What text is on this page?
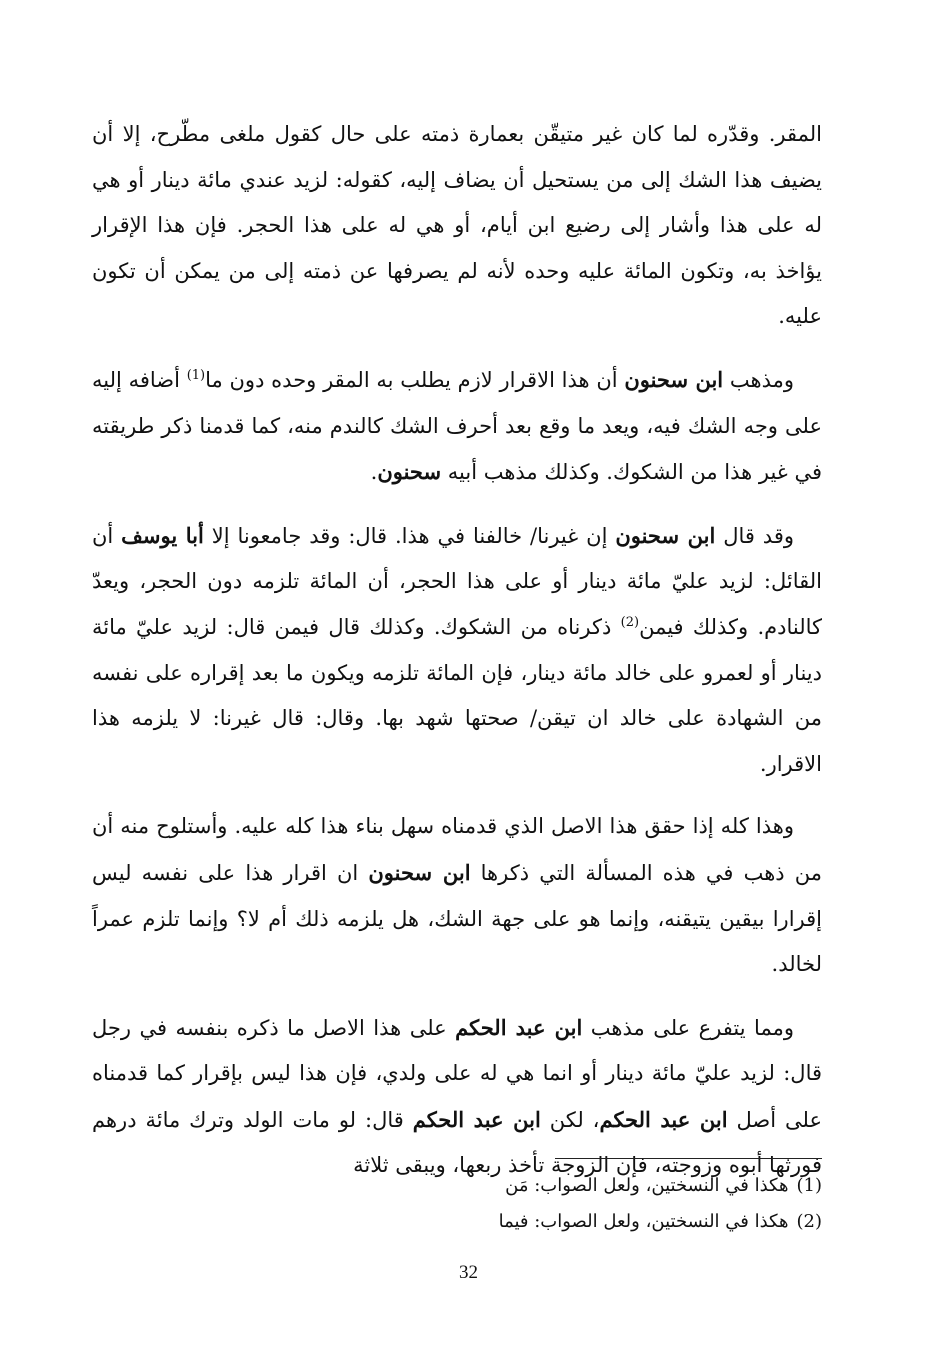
المقر. وقدّره لما كان غير متيقّن بعمارة ذمته على حال كقول ملغى مطّرح، إلا أن يضيف هذا الشك إلى من يستحيل أن يضاف إليه، كقوله: لزيد عندي مائة دينار أو هي له على هذا وأشار إلى رضيع ابن أيام، أو هي له على هذا الحجر. فإن هذا الإقرار يؤاخذ به، وتكون المائة عليه وحده لأنه لم يصرفها عن ذمته إلى من يمكن أن تكون عليه.

ومذهب ابن سحنون أن هذا الاقرار لازم يطلب به المقر وحده دون ما$^{(1)}$ أضافه إليه على وجه الشك فيه، ويعد ما وقع بعد أحرف الشك كالندم منه، كما قدمنا ذكر طريقته في غير هذا من الشكوك. وكذلك مذهب أبيه سحنون.

وقد قال ابن سحنون إن غيرنا/ خالفنا في هذا. قال: وقد جامعونا إلا أبا يوسف أن القائل: لزيد عليّ مائة دينار أو على هذا الحجر، أن المائة تلزمه دون الحجر، ويعدّ كالنادم. وكذلك فيمن$^{(2)}$ ذكرناه من الشكوك. وكذلك قال فيمن قال: لزيد عليّ مائة دينار أو لعمرو على خالد مائة دينار، فإن المائة تلزمه ويكون ما بعد إقراره على نفسه من الشهادة على خالد ان تيقن/ صحتها شهد بها. وقال: قال غيرنا: لا يلزمه هذا الاقرار.

وهذا كله إذا حقق هذا الاصل الذي قدمناه سهل بناء هذا كله عليه. وأستلوح منه أن من ذهب في هذه المسألة التي ذكرها ابن سحنون ان اقرار هذا على نفسه ليس إقرارا بيقين يتيقنه، وإنما هو على جهة الشك، هل يلزمه ذلك أم لا؟ وإنما تلزم عمراً لخالد.

ومما يتفرع على مذهب ابن عبد الحكم على هذا الاصل ما ذكره بنفسه في رجل قال: لزيد عليّ مائة دينار أو انما هي له على ولدي، فإن هذا ليس بإقرار كما قدمناه على أصل ابن عبد الحكم، لكن ابن عبد الحكم قال: لو مات الولد وترك مائة درهم فورثها أبوه وزوجته، فإن الزوجة تأخذ ربعها، ويبقى ثلاثة

(1)هكذا في النسختين، ولعل الصواب: مَن
(2)هكذا في النسختين، ولعل الصواب: فيما
32
